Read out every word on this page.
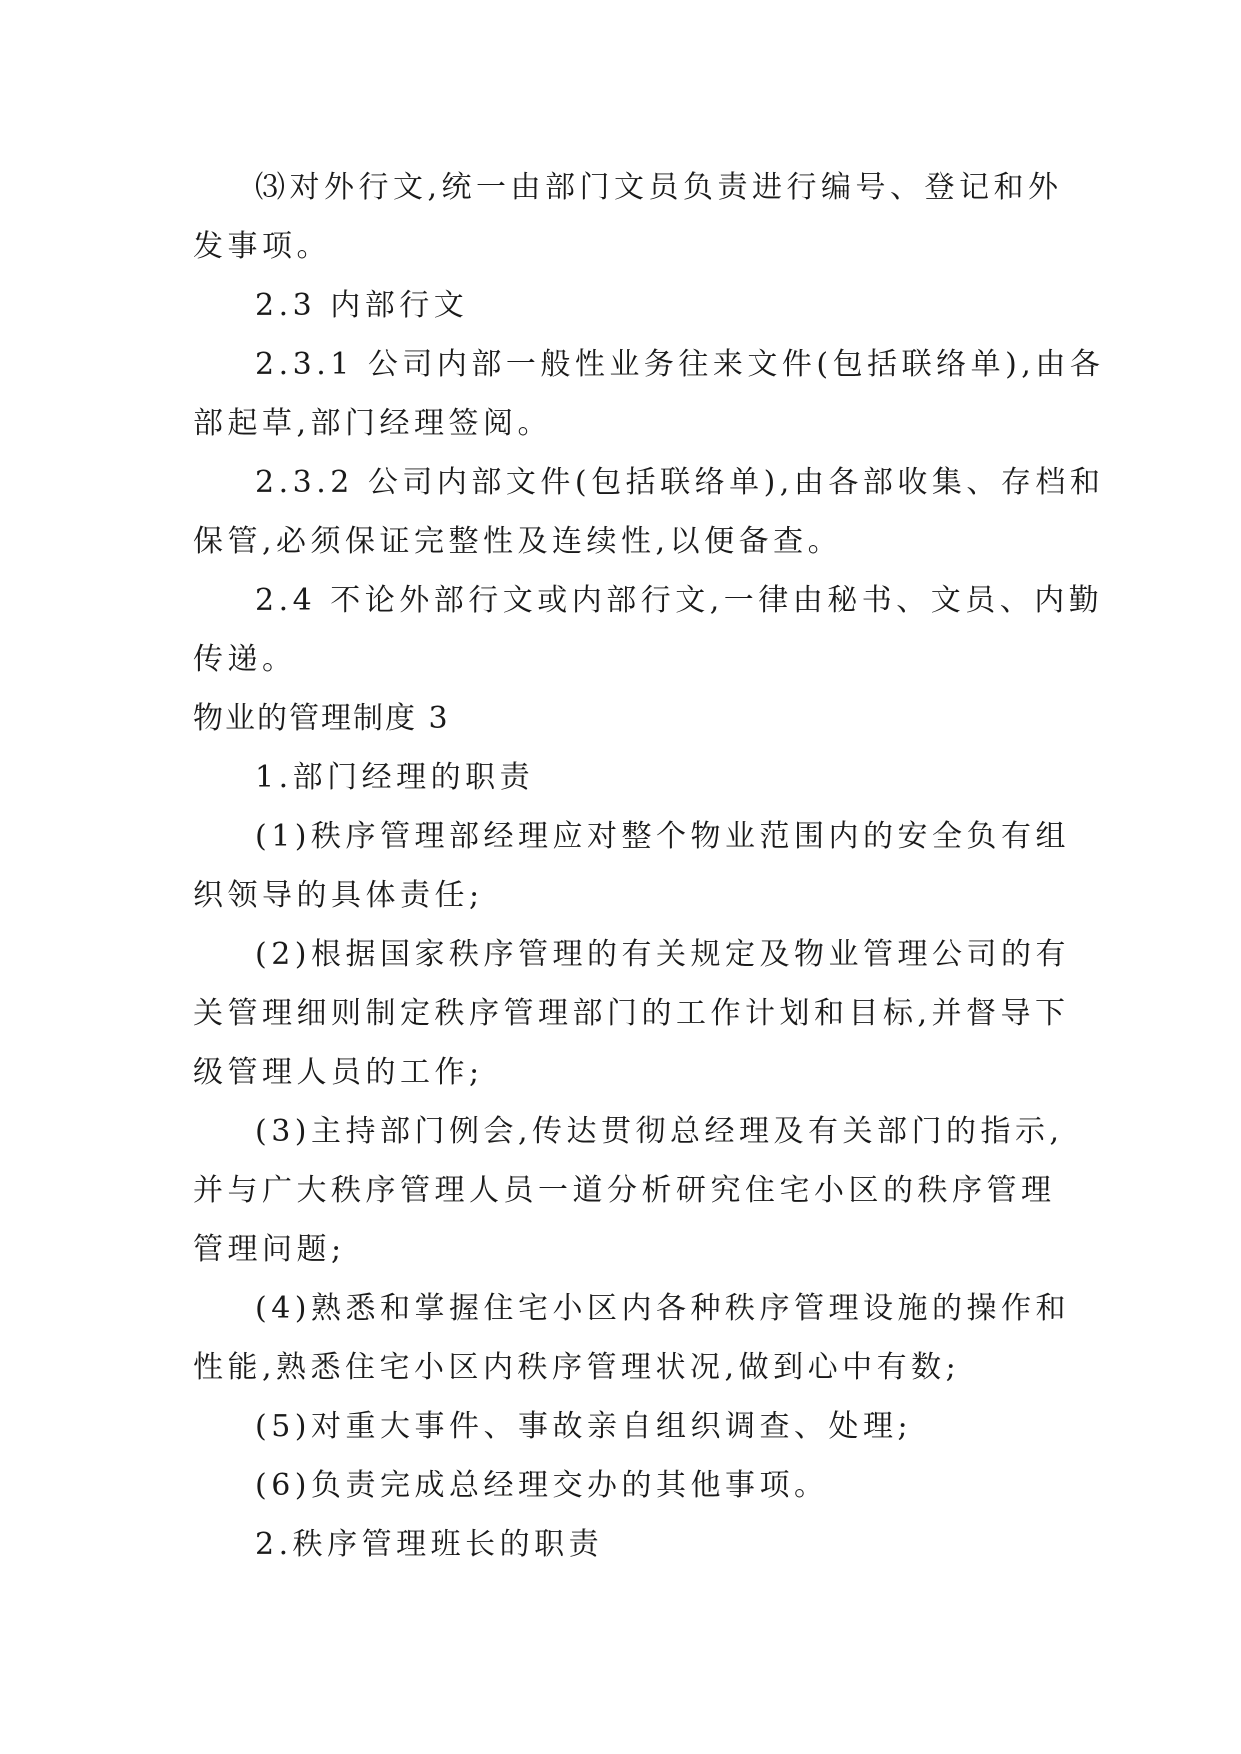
⑶对外行文,统一由部门文员负责进行编号、登记和外
发事项。
2.3 内部行文
2.3.1 公司内部一般性业务往来文件(包括联络单),由各
部起草,部门经理签阅。
2.3.2 公司内部文件(包括联络单),由各部收集、存档和
保管,必须保证完整性及连续性,以便备查。
2.4 不论外部行文或内部行文,一律由秘书、文员、内勤
传递。
物业的管理制度 3
1.部门经理的职责
(1)秩序管理部经理应对整个物业范围内的安全负有组
织领导的具体责任;
(2)根据国家秩序管理的有关规定及物业管理公司的有
关管理细则制定秩序管理部门的工作计划和目标,并督导下
级管理人员的工作;
(3)主持部门例会,传达贯彻总经理及有关部门的指示,
并与广大秩序管理人员一道分析研究住宅小区的秩序管理
管理问题;
(4)熟悉和掌握住宅小区内各种秩序管理设施的操作和
性能,熟悉住宅小区内秩序管理状况,做到心中有数;
(5)对重大事件、事故亲自组织调查、处理;
(6)负责完成总经理交办的其他事项。
2.秩序管理班长的职责
